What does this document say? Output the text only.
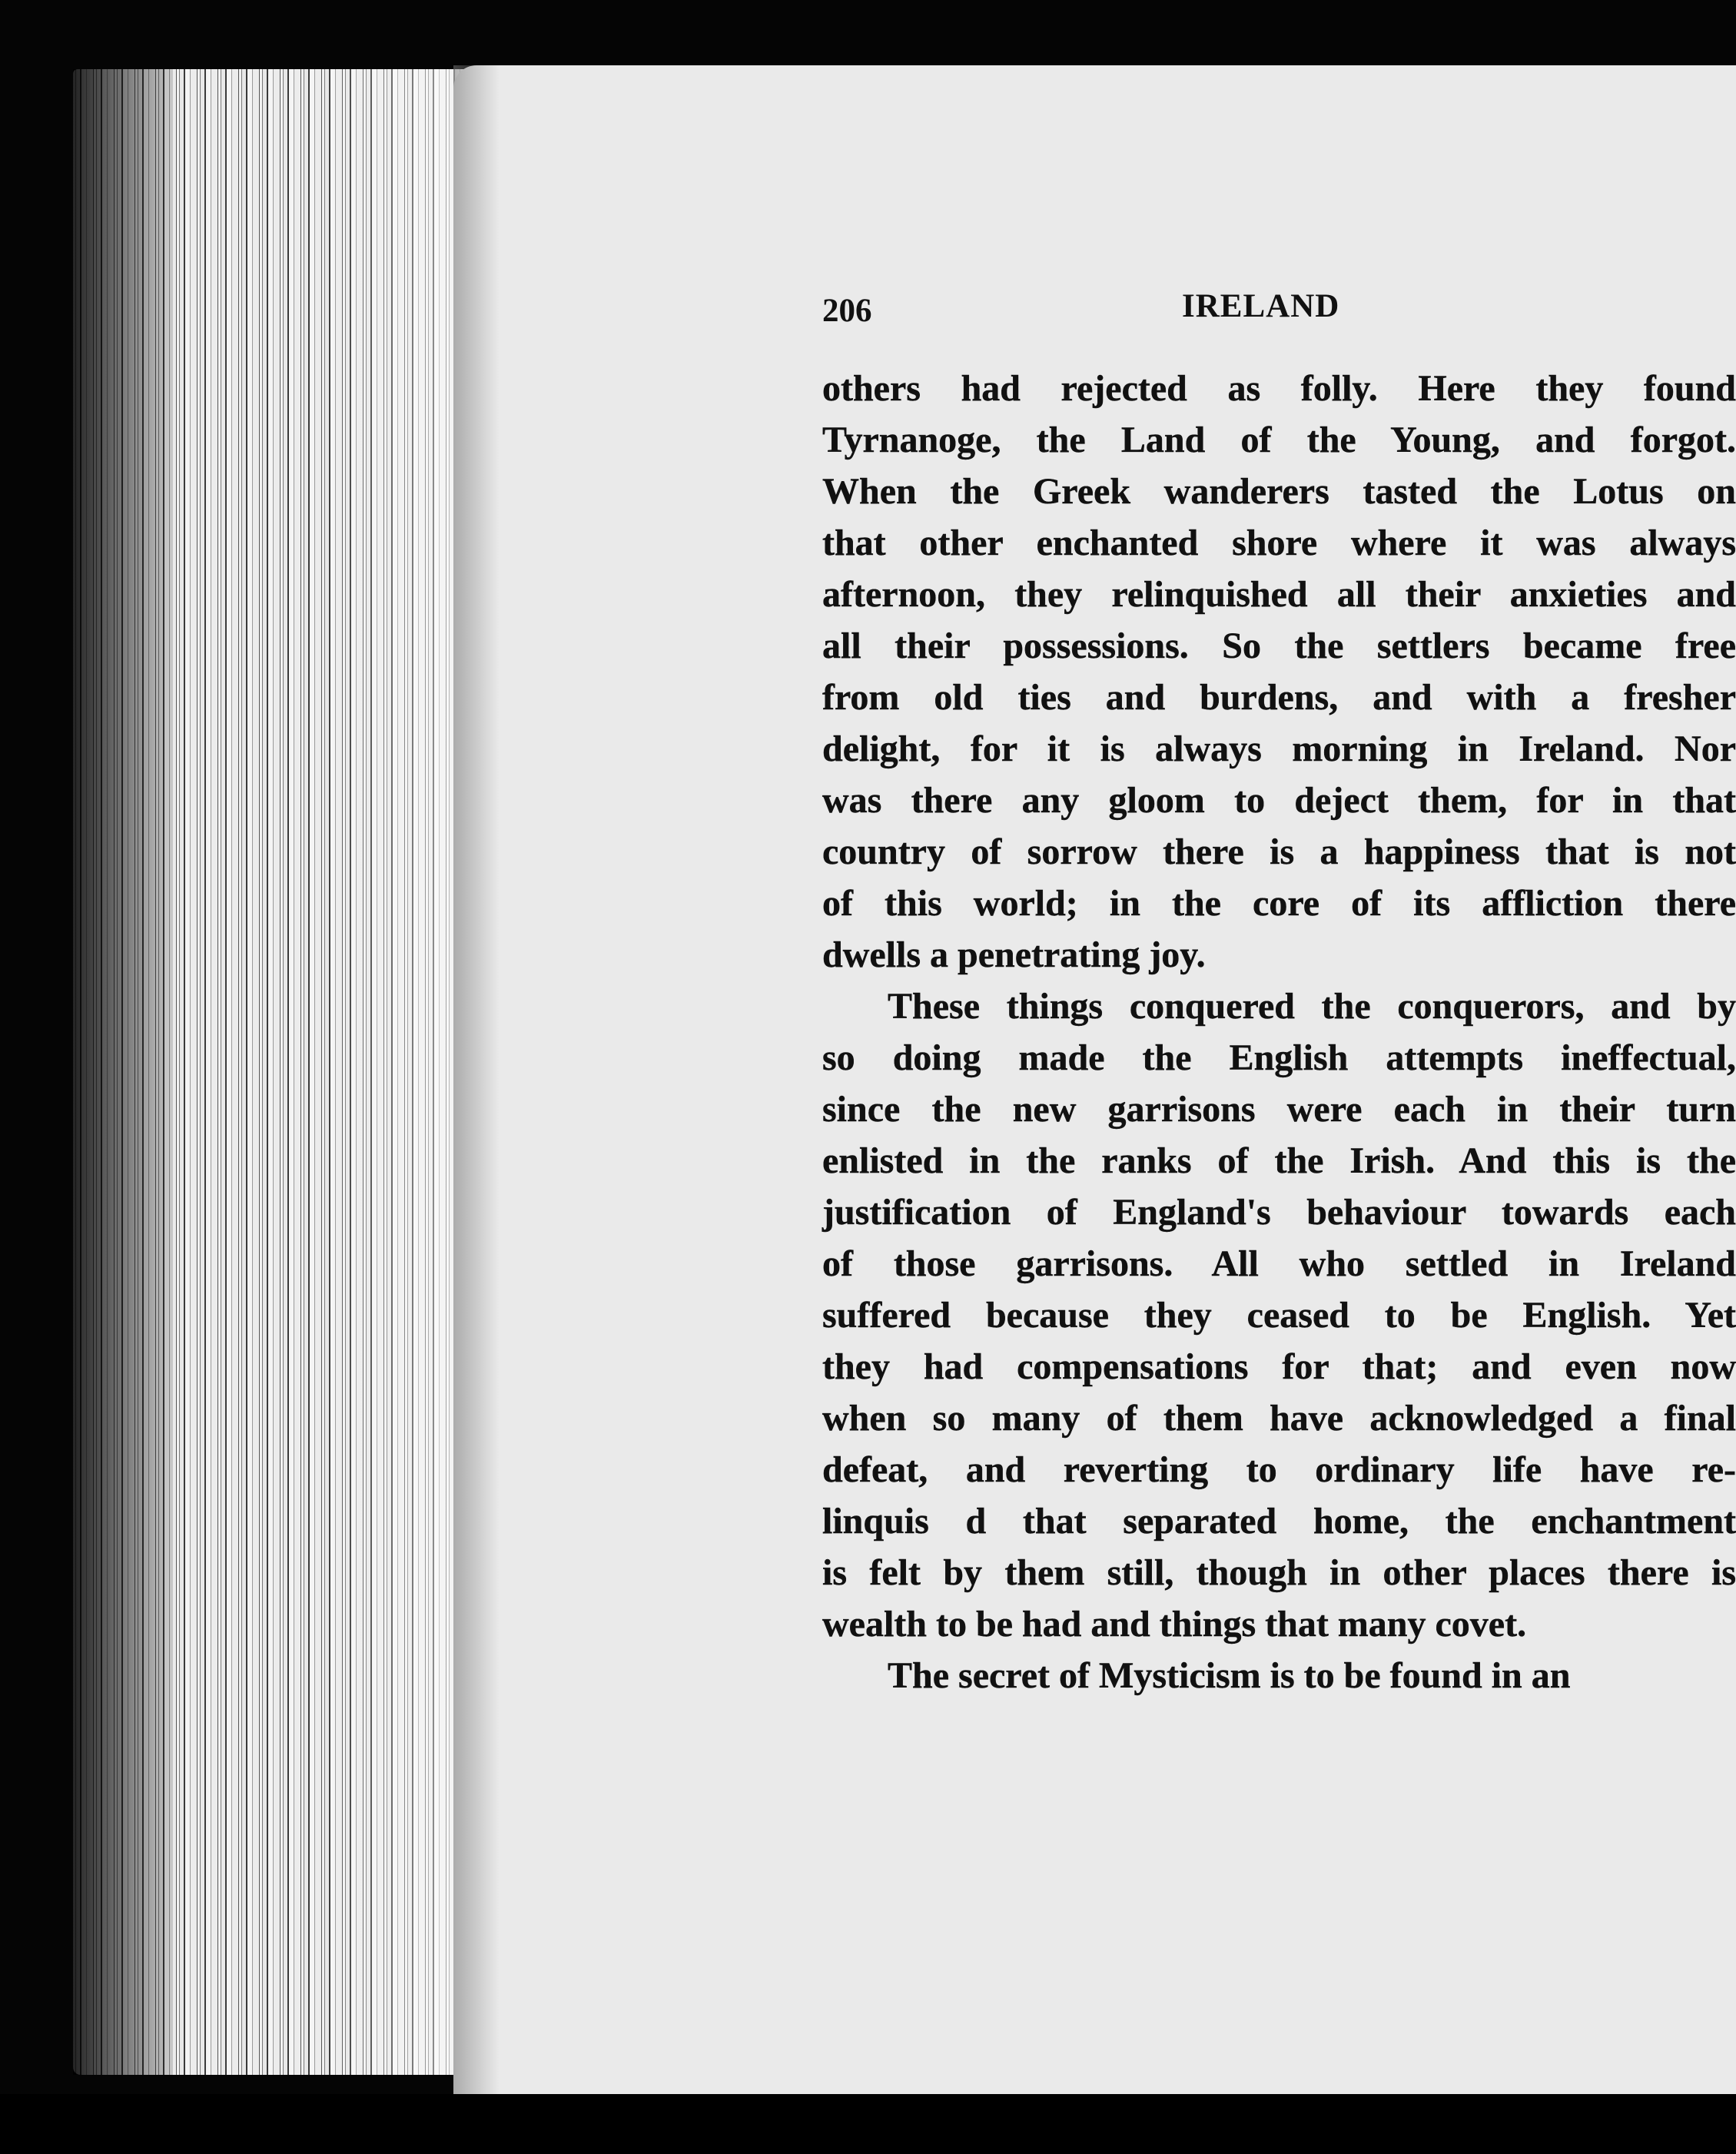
206	IRELAND
others had rejected as folly. Here they found
Tyrnanoge, the Land of the Young, and forgot.
When the Greek wanderers tasted the Lotus on
that other enchanted shore where it was always
afternoon, they relinquished all their anxieties and
all their possessions. So the settlers became free
from old ties and burdens, and with a fresher
delight, for it is always morning in Ireland. Nor
was there any gloom to deject them, for in that
country of sorrow there is a happiness that is not
of this world; in the core of its affliction there
dwells a penetrating joy.
These things conquered the conquerors, and by
so doing made the English attempts ineffectual,
since the new garrisons were each in their turn
enlisted in the ranks of the Irish. And this is the
justification of England's behaviour towards each
of those garrisons. All who settled in Ireland
suffered because they ceased to be English. Yet
they had compensations for that; and even now
when so many of them have acknowledged a final
defeat, and reverting to ordinary life have re-
linquis d that separated home, the enchantment
is felt by them still, though in other places there is
wealth to be had and things that many covet.
The secret of Mysticism is to be found in an
